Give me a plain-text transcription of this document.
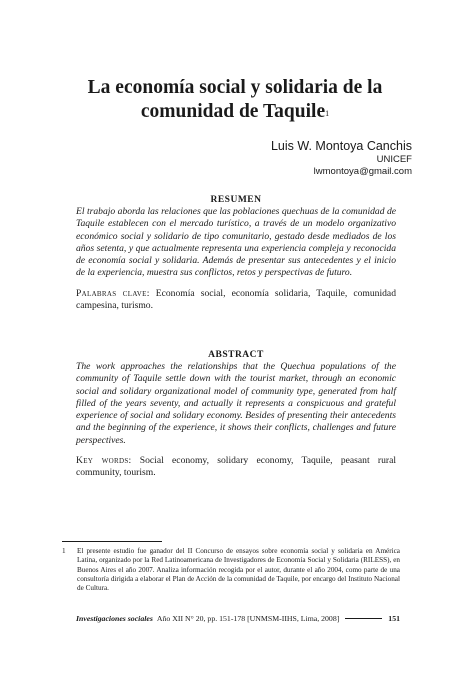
La economía social y solidaria de la
comunidad de Taquile$^1$
Luis W. Montoya Canchis
UNICEF
lwmontoya@gmail.com
RESUMEN
El trabajo aborda las relaciones que las poblaciones quechuas de la comunidad de Taquile establecen con el mercado turístico, a través de un modelo organizativo económico social y solidario de tipo comunitario, gestado desde mediados de los años setenta, y que actualmente representa una experiencia compleja y reconocida de economía social y solidaria. Además de presentar sus antecedentes y el inicio de la experiencia, muestra sus conflictos, retos y perspectivas de futuro.
Palabras clave: Economía social, economía solidaria, Taquile, comunidad campesina, turismo.
ABSTRACT
The work approaches the relationships that the Quechua populations of the community of Taquile settle down with the tourist market, through an economic social and solidary organizational model of community type, generated from half filled of the years seventy, and actually it represents a conspicuous and grateful experience of social and solidary economy. Besides of presenting their antecedents and the beginning of the experience, it shows their conflicts, challenges and future perspectives.
Key words: Social economy, solidary economy, Taquile, peasant rural community, tourism.
1 El presente estudio fue ganador del II Concurso de ensayos sobre economía social y solidaria en América Latina, organizado por la Red Latinoamericana de Investigadores de Economía Social y Solidaria (RILESS), en Buenos Aires el año 2007. Analiza información recogida por el autor, durante el año 2004, como parte de una consultoría dirigida a elaborar el Plan de Acción de la comunidad de Taquile, por encargo del Instituto Nacional de Cultura.
Investigaciones sociales Año XII N° 20, pp. 151-178 [UNMSM-IIHS, Lima, 2008]	151
